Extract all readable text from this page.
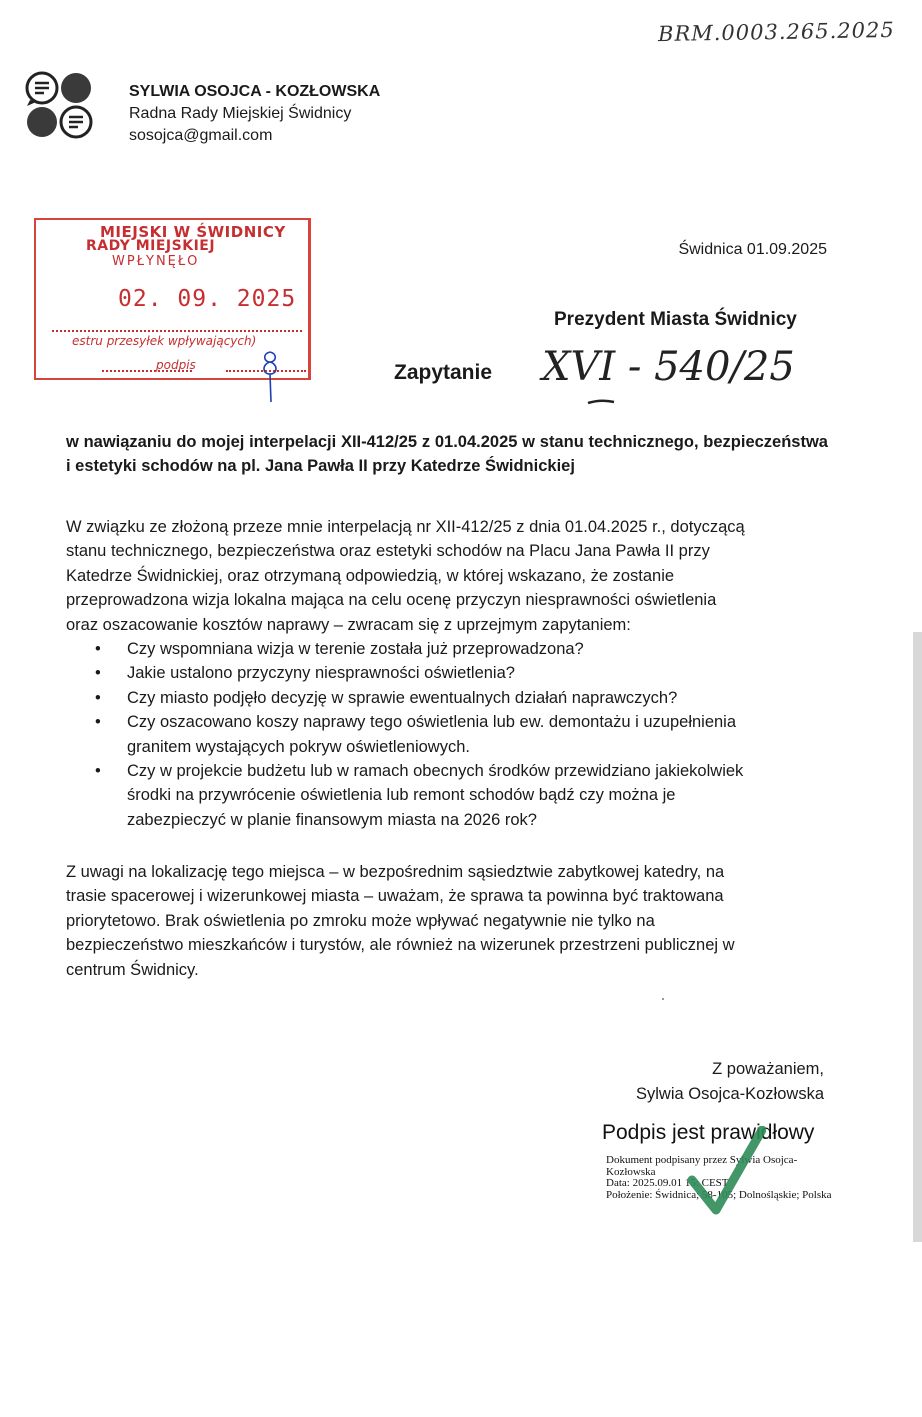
BRM.0003.265.2025
SYLWIA OSOJCA - KOZŁOWSKA
Radna Rady Miejskiej Świdnicy
sosojca@gmail.com
MIEJSKI W ŚWIDNICY
RADY MIEJSKIEJ
WPŁYNĘŁO
02. 09. 2025
estru przesyłek wpływających)
podpis
Świdnica 01.09.2025
Prezydent Miasta Świdnicy
Zapytanie XVI - 540/25
w nawiązaniu do mojej interpelacji XII-412/25 z 01.04.2025 w stanu technicznego, bezpieczeństwa i estetyki schodów na pl. Jana Pawła II przy Katedrze Świdnickiej
W związku ze złożoną przeze mnie interpelacją nr XII-412/25 z dnia 01.04.2025 r., dotyczącą
stanu technicznego, bezpieczeństwa oraz estetyki schodów na Placu Jana Pawła II przy
Katedrze Świdnickiej, oraz otrzymaną odpowiedzią, w której wskazano, że zostanie
przeprowadzona wizja lokalna mająca na celu ocenę przyczyn niesprawności oświetlenia
oraz oszacowanie kosztów naprawy – zwracam się z uprzejmym zapytaniem:
• Czy wspomniana wizja w terenie została już przeprowadzona?
• Jakie ustalono przyczyny niesprawności oświetlenia?
• Czy miasto podjęło decyzję w sprawie ewentualnych działań naprawczych?
• Czy oszacowano koszy naprawy tego oświetlenia lub ew. demontażu i uzupełnienia
granitem wystających pokryw oświetleniowych.
• Czy w projekcie budżetu lub w ramach obecnych środków przewidziano jakiekolwiek
środki na przywrócenie oświetlenia lub remont schodów bądź czy można je
zabezpieczyć w planie finansowym miasta na 2026 rok?
Z uwagi na lokalizację tego miejsca – w bezpośrednim sąsiedztwie zabytkowej katedry, na
trasie spacerowej i wizerunkowej miasta – uważam, że sprawa ta powinna być traktowana
priorytetowo. Brak oświetlenia po zmroku może wpływać negatywnie nie tylko na
bezpieczeństwo mieszkańców i turystów, ale również na wizerunek przestrzeni publicznej w
centrum Świdnicy.
Z poważaniem,
Sylwia Osojca-Kozłowska
Podpis jest prawidłowy
Dokument podpisany przez Sylwia Osojca-
Kozłowska
Data: 2025.09.01 15: CEST
Położenie: Świdnica; 58-105; Dolnośląskie; Polska
